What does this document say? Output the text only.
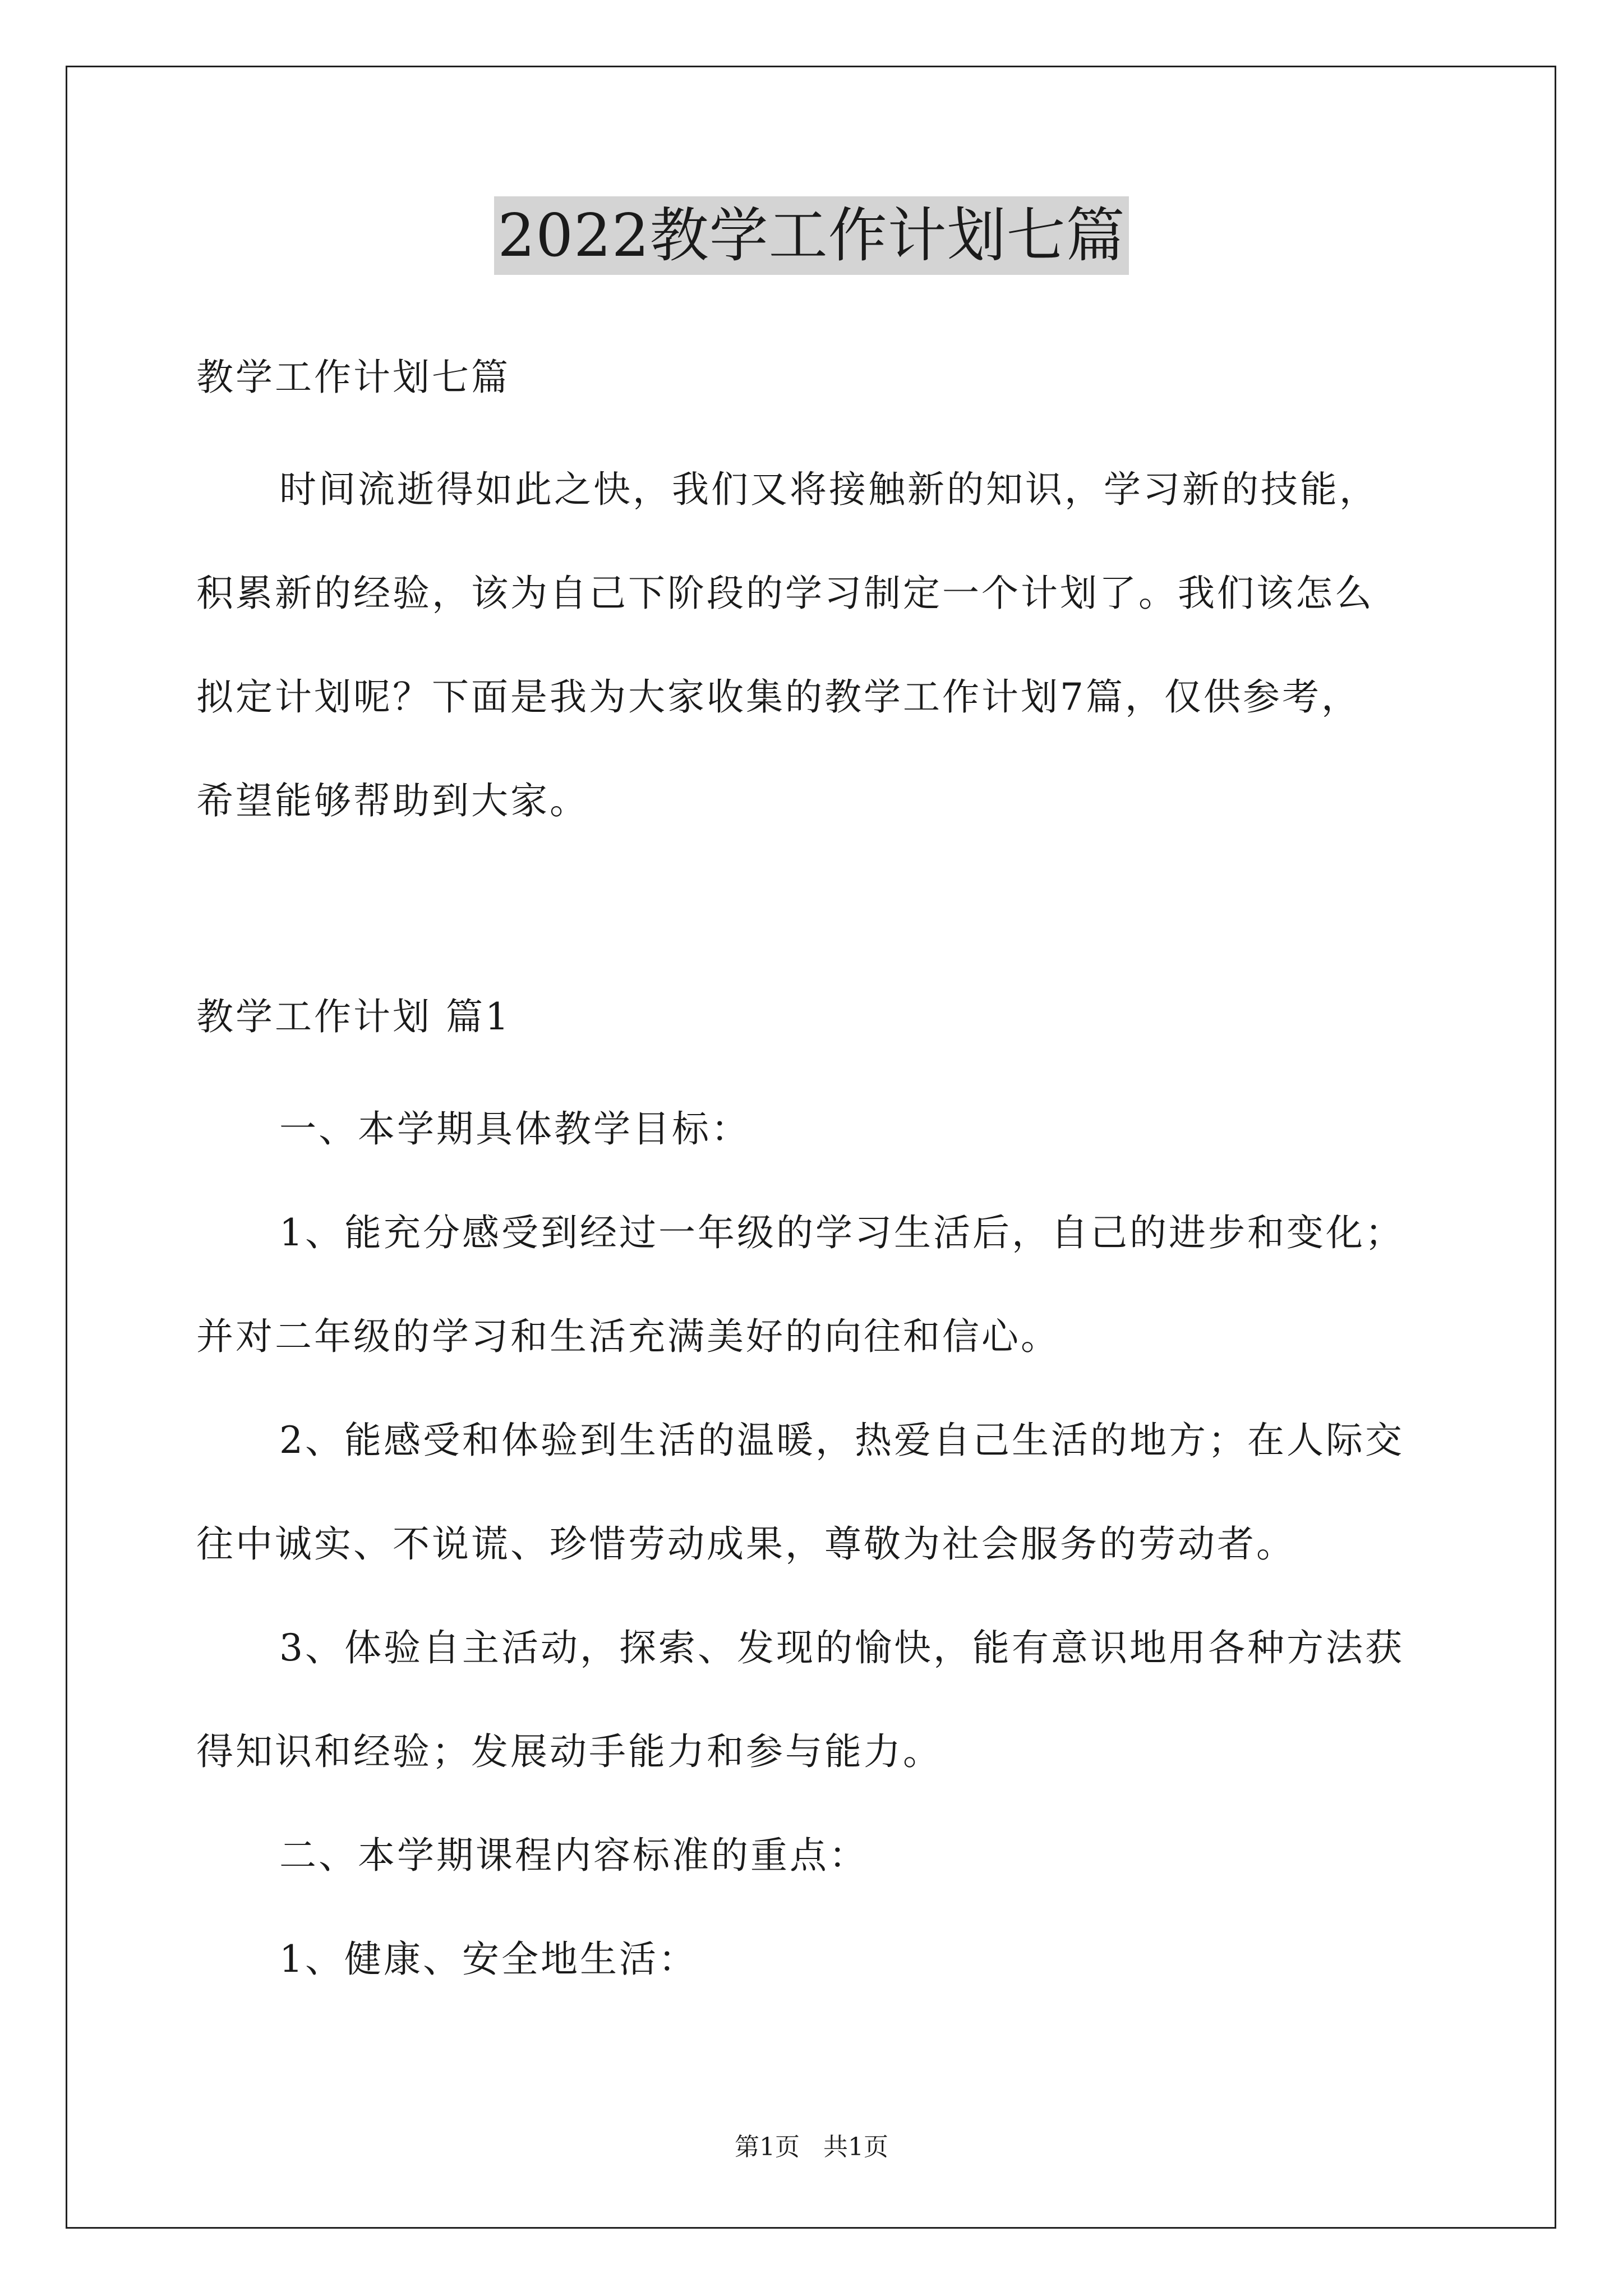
2022教学工作计划七篇
教学工作计划七篇
时间流逝得如此之快，我们又将接触新的知识，学习新的技能，
积累新的经验，该为自己下阶段的学习制定一个计划了。我们该怎么
拟定计划呢？下面是我为大家收集的教学工作计划7篇，仅供参考，
希望能够帮助到大家。
教学工作计划 篇1
一、本学期具体教学目标：
1、能充分感受到经过一年级的学习生活后，自己的进步和变化；
并对二年级的学习和生活充满美好的向往和信心。
2、能感受和体验到生活的温暖，热爱自己生活的地方；在人际交
往中诚实、不说谎、珍惜劳动成果，尊敬为社会服务的劳动者。
3、体验自主活动，探索、发现的愉快，能有意识地用各种方法获
得知识和经验；发展动手能力和参与能力。
二、本学期课程内容标准的重点：
1、健康、安全地生活：
第1页   共1页
